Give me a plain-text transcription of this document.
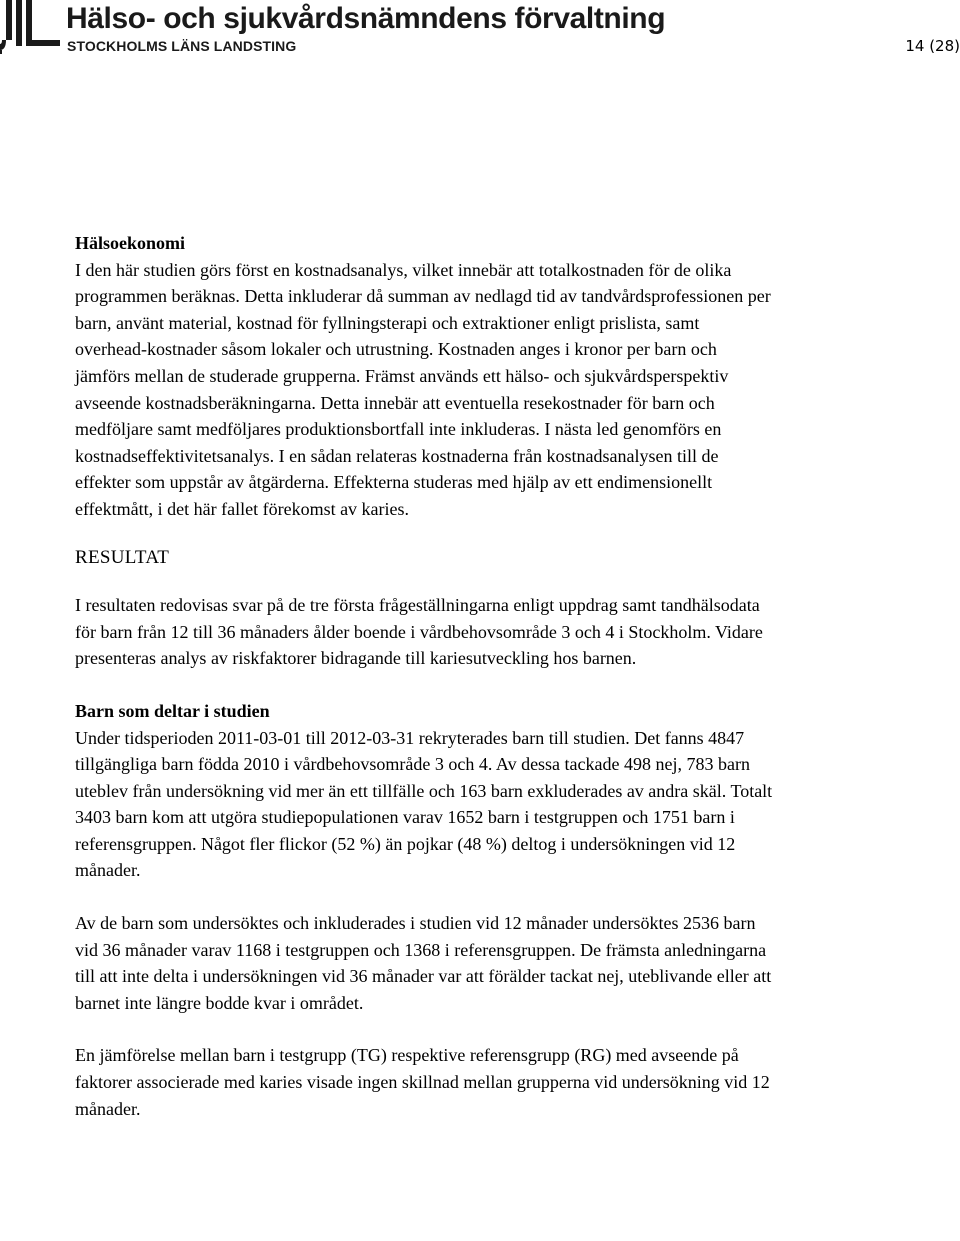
Hälso- och sjukvårdsnämndens förvaltning
STOCKHOLMS LÄNS LANDSTING	14 (28)

Hälsoekonomi

I den här studien görs först en kostnadsanalys, vilket innebär att totalkostnaden för de olika programmen beräknas. Detta inkluderar då summan av nedlagd tid av tandvårdsprofessionen per barn, använt material, kostnad för fyllningsterapi och extraktioner enligt prislista, samt overhead-kostnader såsom lokaler och utrustning. Kostnaden anges i kronor per barn och jämförs mellan de studerade grupperna. Främst används ett hälso- och sjukvårdsperspektiv avseende kostnadsberäkningarna. Detta innebär att eventuella resekostnader för barn och medföljare samt medföljares produktionsbortfall inte inkluderas. I nästa led genomförs en kostnadseffektivitetsanalys. I en sådan relateras kostnaderna från kostnadsanalysen till de effekter som uppstår av åtgärderna. Effekterna studeras med hjälp av ett endimensionellt effektmått, i det här fallet förekomst av karies.

RESULTAT

I resultaten redovisas svar på de tre första frågeställningarna enligt uppdrag samt tandhälsodata för barn från 12 till 36 månaders ålder boende i vårdbehovsområde 3 och 4 i Stockholm. Vidare presenteras analys av riskfaktorer bidragande till kariesutveckling hos barnen.

Barn som deltar i studien

Under tidsperioden 2011-03-01 till 2012-03-31 rekryterades barn till studien. Det fanns 4847 tillgängliga barn födda 2010 i vårdbehovsområde 3 och 4. Av dessa tackade 498 nej, 783 barn uteblev från undersökning vid mer än ett tillfälle och 163 barn exkluderades av andra skäl. Totalt 3403 barn kom att utgöra studiepopulationen varav 1652 barn i testgruppen och 1751 barn i referensgruppen. Något fler flickor (52 %) än pojkar (48 %) deltog i undersökningen vid 12 månader.

Av de barn som undersöktes och inkluderades i studien vid 12 månader undersöktes 2536 barn vid 36 månader varav 1168 i testgruppen och 1368 i referensgruppen. De främsta anledningarna till att inte delta i undersökningen vid 36 månader var att förälder tackat nej, uteblivande eller att barnet inte längre bodde kvar i området.

En jämförelse mellan barn i testgrupp (TG) respektive referensgrupp (RG) med avseende på faktorer associerade med karies visade ingen skillnad mellan grupperna vid undersökning vid 12 månader.
